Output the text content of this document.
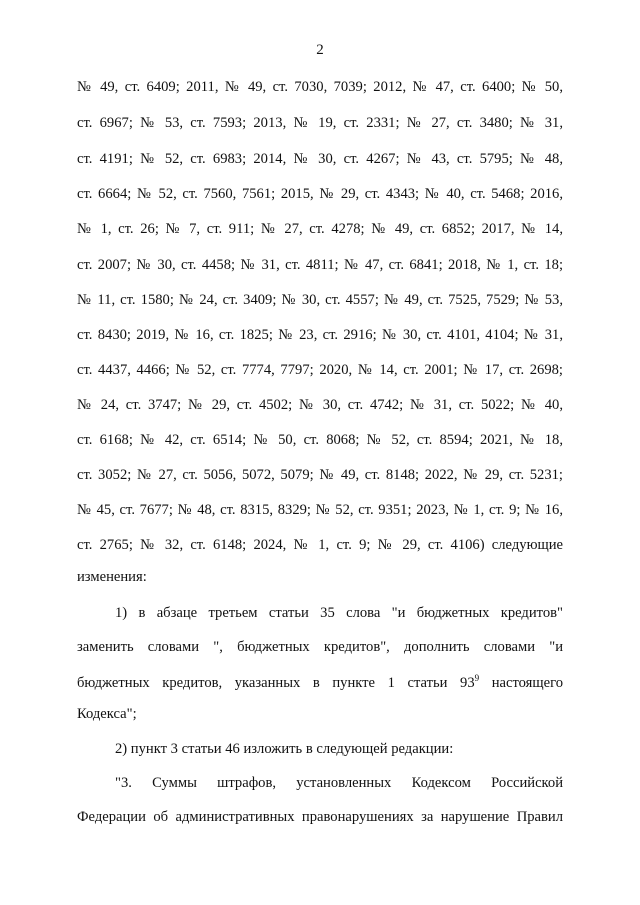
2
№ 49, ст. 6409; 2011, № 49, ст. 7030, 7039; 2012, № 47, ст. 6400; № 50,
ст. 6967; № 53, ст. 7593; 2013, № 19, ст. 2331; № 27, ст. 3480; № 31,
ст. 4191; № 52, ст. 6983; 2014, № 30, ст. 4267; № 43, ст. 5795; № 48,
ст. 6664; № 52, ст. 7560, 7561; 2015, № 29, ст. 4343; № 40, ст. 5468; 2016,
№ 1, ст. 26; № 7, ст. 911; № 27, ст. 4278; № 49, ст. 6852; 2017, № 14,
ст. 2007; № 30, ст. 4458; № 31, ст. 4811; № 47, ст. 6841; 2018, № 1, ст. 18;
№ 11, ст. 1580; № 24, ст. 3409; № 30, ст. 4557; № 49, ст. 7525, 7529; № 53,
ст. 8430; 2019, № 16, ст. 1825; № 23, ст. 2916; № 30, ст. 4101, 4104; № 31,
ст. 4437, 4466; № 52, ст. 7774, 7797; 2020, № 14, ст. 2001; № 17, ст. 2698;
№ 24, ст. 3747; № 29, ст. 4502; № 30, ст. 4742; № 31, ст. 5022; № 40,
ст. 6168; № 42, ст. 6514; № 50, ст. 8068; № 52, ст. 8594; 2021, № 18,
ст. 3052; № 27, ст. 5056, 5072, 5079; № 49, ст. 8148; 2022, № 29, ст. 5231;
№ 45, ст. 7677; № 48, ст. 8315, 8329; № 52, ст. 9351; 2023, № 1, ст. 9; № 16,
ст. 2765; № 32, ст. 6148; 2024, № 1, ст. 9; № 29, ст. 4106) следующие
изменения:
1) в абзаце третьем статьи 35 слова "и бюджетных кредитов"
заменить словами ", бюджетных кредитов", дополнить словами "и
бюджетных кредитов, указанных в пункте 1 статьи $93^9$ настоящего
Кодекса";
2) пункт 3 статьи 46 изложить в следующей редакции:
"3. Суммы штрафов, установленных Кодексом Российской
Федерации об административных правонарушениях за нарушение Правил
